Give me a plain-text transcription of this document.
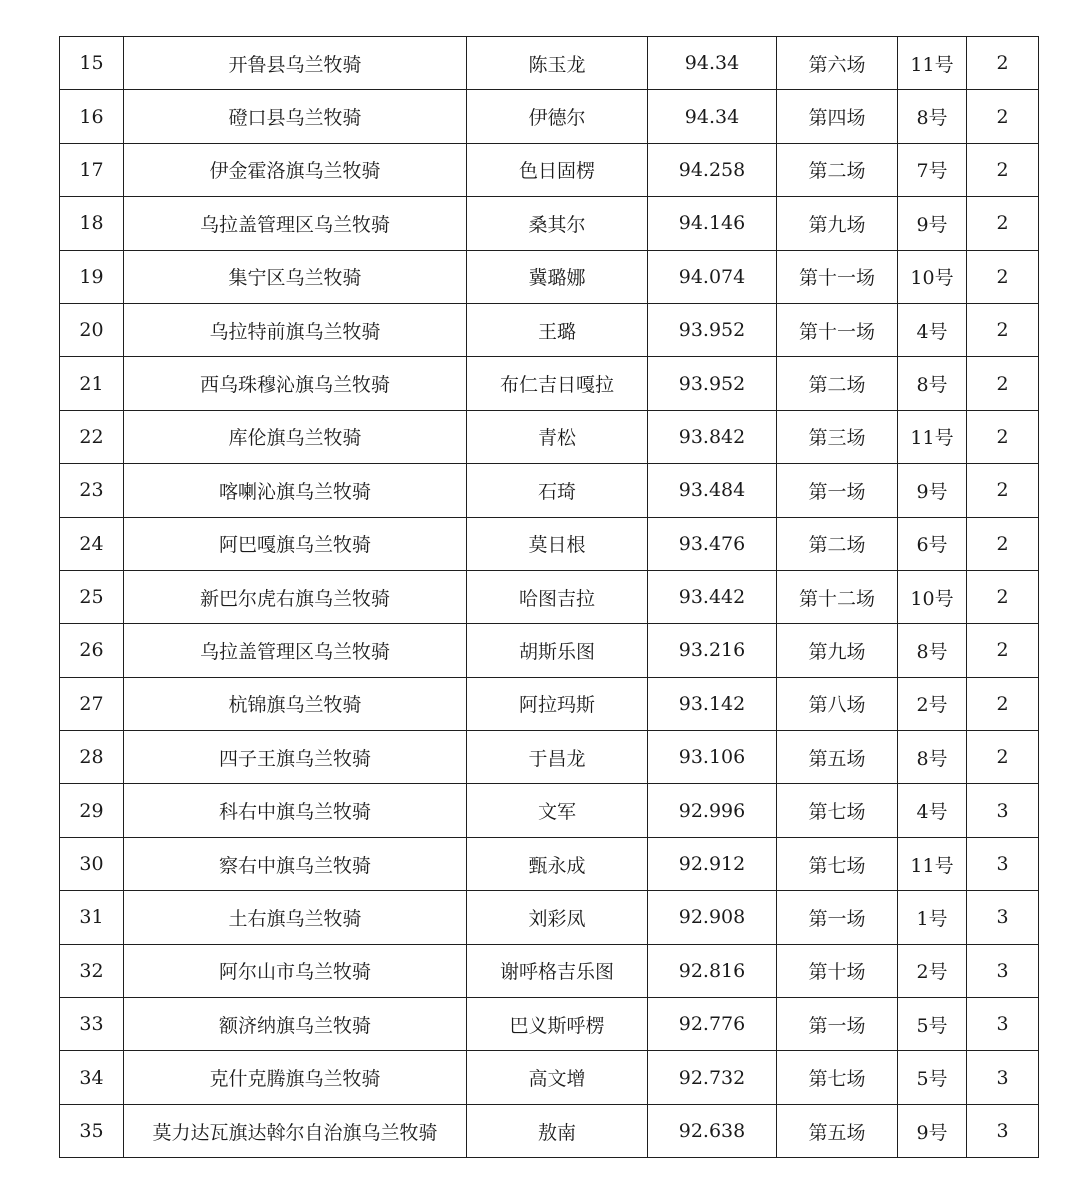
15	开鲁县乌兰牧骑	陈玉龙	94.34	第六场	11号	2
16	磴口县乌兰牧骑	伊德尔	94.34	第四场	8号	2
17	伊金霍洛旗乌兰牧骑	色日固楞	94.258	第二场	7号	2
18	乌拉盖管理区乌兰牧骑	桑其尔	94.146	第九场	9号	2
19	集宁区乌兰牧骑	冀璐娜	94.074	第十一场	10号	2
20	乌拉特前旗乌兰牧骑	王璐	93.952	第十一场	4号	2
21	西乌珠穆沁旗乌兰牧骑	布仁吉日嘎拉	93.952	第二场	8号	2
22	库伦旗乌兰牧骑	青松	93.842	第三场	11号	2
23	喀喇沁旗乌兰牧骑	石琦	93.484	第一场	9号	2
24	阿巴嘎旗乌兰牧骑	莫日根	93.476	第二场	6号	2
25	新巴尔虎右旗乌兰牧骑	哈图吉拉	93.442	第十二场	10号	2
26	乌拉盖管理区乌兰牧骑	胡斯乐图	93.216	第九场	8号	2
27	杭锦旗乌兰牧骑	阿拉玛斯	93.142	第八场	2号	2
28	四子王旗乌兰牧骑	于昌龙	93.106	第五场	8号	2
29	科右中旗乌兰牧骑	文军	92.996	第七场	4号	3
30	察右中旗乌兰牧骑	甄永成	92.912	第七场	11号	3
31	土右旗乌兰牧骑	刘彩凤	92.908	第一场	1号	3
32	阿尔山市乌兰牧骑	谢呼格吉乐图	92.816	第十场	2号	3
33	额济纳旗乌兰牧骑	巴义斯呼楞	92.776	第一场	5号	3
34	克什克腾旗乌兰牧骑	高文增	92.732	第七场	5号	3
35	莫力达瓦旗达斡尔自治旗乌兰牧骑	敖南	92.638	第五场	9号	3
